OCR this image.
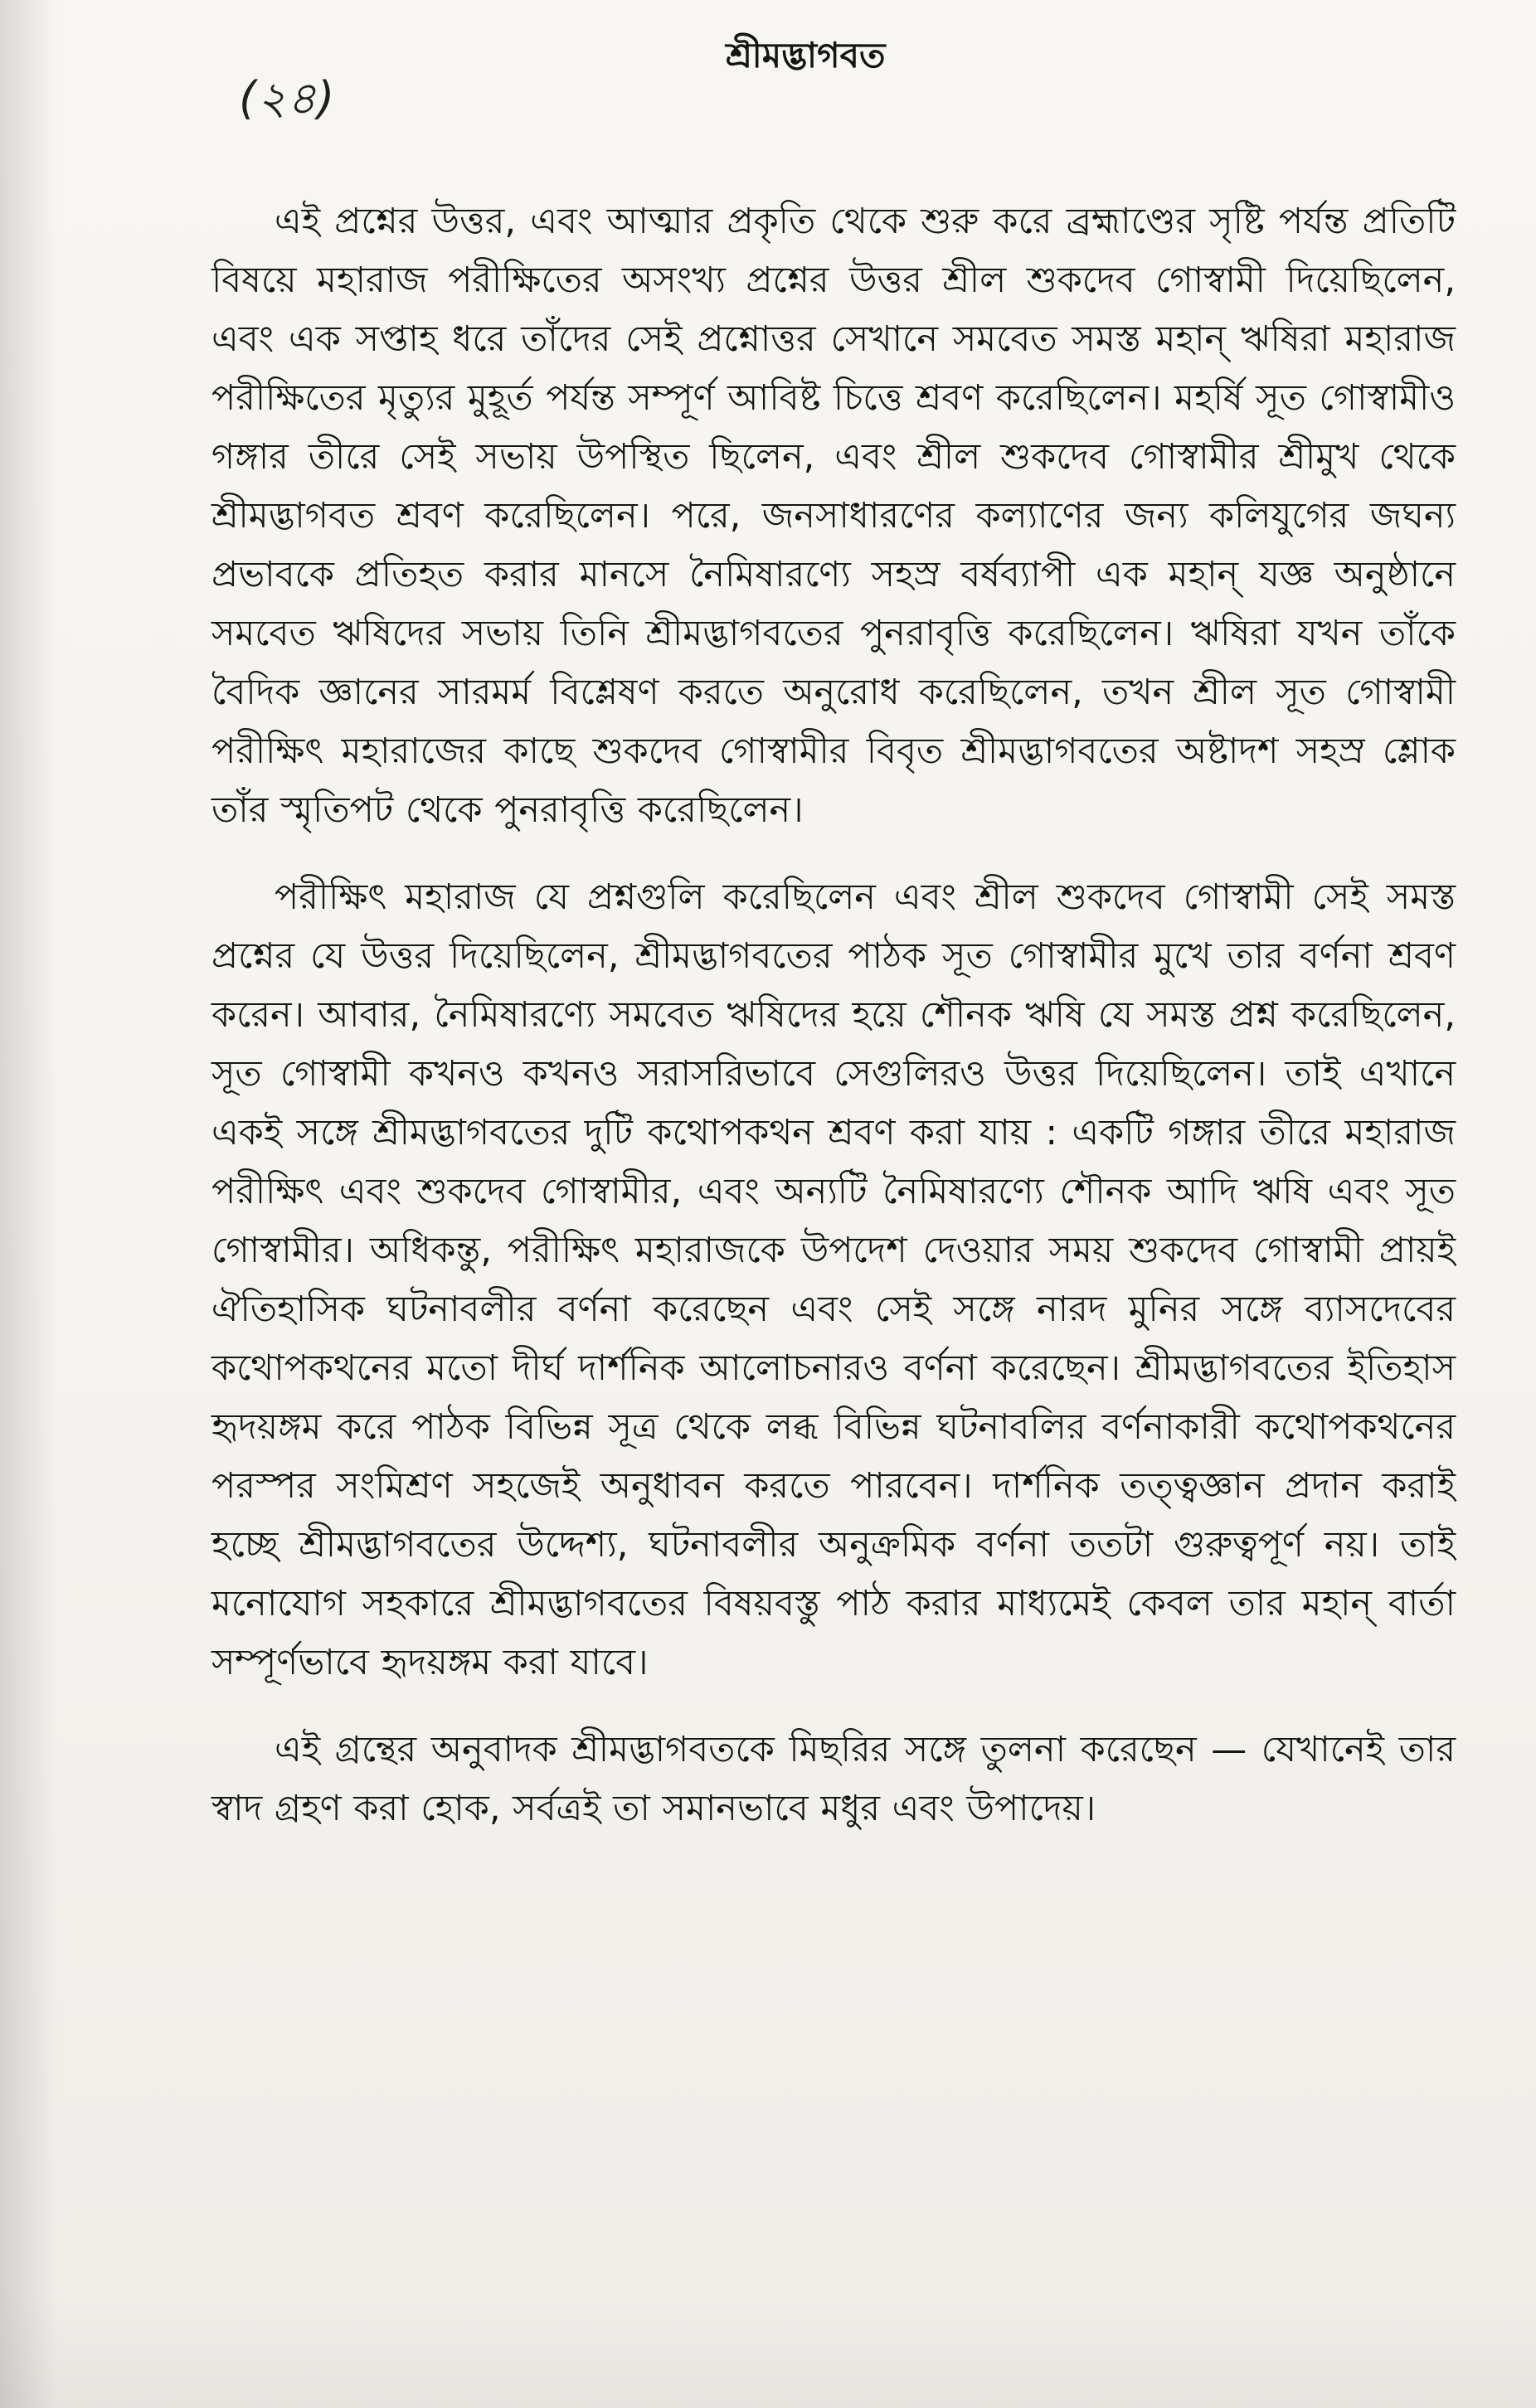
(২৪)
শ্রীমদ্ভাগবত

এই প্রশ্নের উত্তর, এবং আত্মার প্রকৃতি থেকে শুরু করে ব্রহ্মাণ্ডের সৃষ্টি পর্যন্ত প্রতিটি বিষয়ে মহারাজ পরীক্ষিতের অসংখ্য প্রশ্নের উত্তর শ্রীল শুকদেব গোস্বামী দিয়েছিলেন, এবং এক সপ্তাহ ধরে তাঁদের সেই প্রশ্নোত্তর সেখানে সমবেত সমস্ত মহান্ ঋষিরা মহারাজ পরীক্ষিতের মৃত্যুর মুহূর্ত পর্যন্ত সম্পূর্ণ আবিষ্ট চিত্তে শ্রবণ করেছিলেন। মহর্ষি সূত গোস্বামীও গঙ্গার তীরে সেই সভায় উপস্থিত ছিলেন, এবং শ্রীল শুকদেব গোস্বামীর শ্রীমুখ থেকে শ্রীমদ্ভাগবত শ্রবণ করেছিলেন। পরে, জনসাধারণের কল্যাণের জন্য কলিযুগের জঘন্য প্রভাবকে প্রতিহত করার মানসে নৈমিষারণ্যে সহস্র বর্ষব্যাপী এক মহান্ যজ্ঞ অনুষ্ঠানে সমবেত ঋষিদের সভায় তিনি শ্রীমদ্ভাগবতের পুনরাবৃত্তি করেছিলেন। ঋষিরা যখন তাঁকে বৈদিক জ্ঞানের সারমর্ম বিশ্লেষণ করতে অনুরোধ করেছিলেন, তখন শ্রীল সূত গোস্বামী পরীক্ষিৎ মহারাজের কাছে শুকদেব গোস্বামীর বিবৃত শ্রীমদ্ভাগবতের অষ্টাদশ সহস্র শ্লোক তাঁর স্মৃতিপট থেকে পুনরাবৃত্তি করেছিলেন।

পরীক্ষিৎ মহারাজ যে প্রশ্নগুলি করেছিলেন এবং শ্রীল শুকদেব গোস্বামী সেই সমস্ত প্রশ্নের যে উত্তর দিয়েছিলেন, শ্রীমদ্ভাগবতের পাঠক সূত গোস্বামীর মুখে তার বর্ণনা শ্রবণ করেন। আবার, নৈমিষারণ্যে সমবেত ঋষিদের হয়ে শৌনক ঋষি যে সমস্ত প্রশ্ন করেছিলেন, সূত গোস্বামী কখনও কখনও সরাসরিভাবে সেগুলিরও উত্তর দিয়েছিলেন। তাই এখানে একই সঙ্গে শ্রীমদ্ভাগবতের দুটি কথোপকথন শ্রবণ করা যায় : একটি গঙ্গার তীরে মহারাজ পরীক্ষিৎ এবং শুকদেব গোস্বামীর, এবং অন্যটি নৈমিষারণ্যে শৌনক আদি ঋষি এবং সূত গোস্বামীর। অধিকন্তু, পরীক্ষিৎ মহারাজকে উপদেশ দেওয়ার সময় শুকদেব গোস্বামী প্রায়ই ঐতিহাসিক ঘটনাবলীর বর্ণনা করেছেন এবং সেই সঙ্গে নারদ মুনির সঙ্গে ব্যাসদেবের কথোপকথনের মতো দীর্ঘ দার্শনিক আলোচনারও বর্ণনা করেছেন। শ্রীমদ্ভাগবতের ইতিহাস হৃদয়ঙ্গম করে পাঠক বিভিন্ন সূত্র থেকে লব্ধ বিভিন্ন ঘটনাবলির বর্ণনাকারী কথোপকথনের পরস্পর সংমিশ্রণ সহজেই অনুধাবন করতে পারবেন। দার্শনিক তত্ত্বজ্ঞান প্রদান করাই হচ্ছে শ্রীমদ্ভাগবতের উদ্দেশ্য, ঘটনাবলীর অনুক্রমিক বর্ণনা ততটা গুরুত্বপূর্ণ নয়। তাই মনোযোগ সহকারে শ্রীমদ্ভাগবতের বিষয়বস্তু পাঠ করার মাধ্যমেই কেবল তার মহান্ বার্তা সম্পূর্ণভাবে হৃদয়ঙ্গম করা যাবে।

এই গ্রন্থের অনুবাদক শ্রীমদ্ভাগবতকে মিছরির সঙ্গে তুলনা করেছেন — যেখানেই তার স্বাদ গ্রহণ করা হোক, সর্বত্রই তা সমানভাবে মধুর এবং উপাদেয়।
